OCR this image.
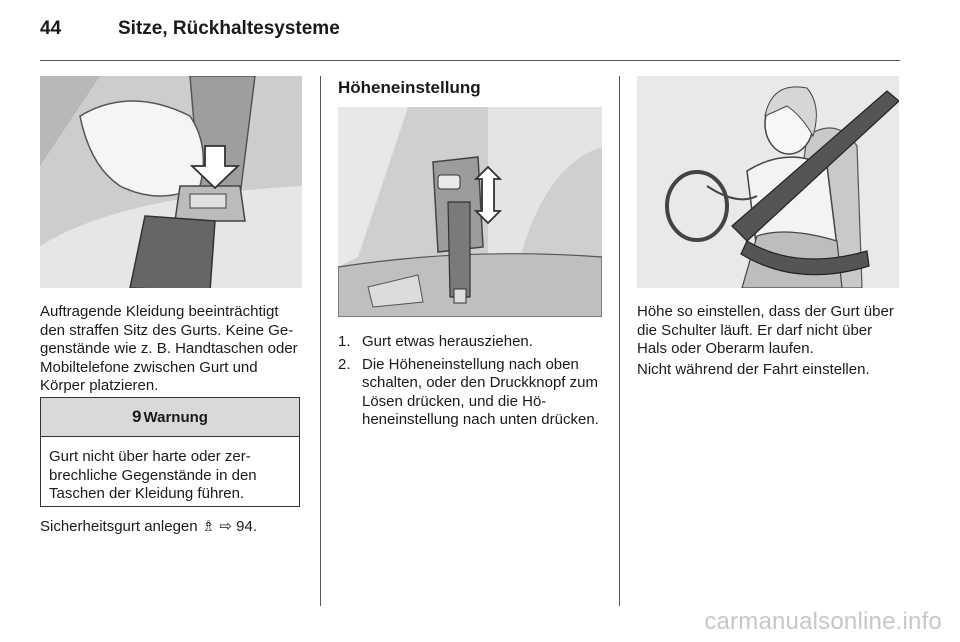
44	Sitze, Rückhaltesysteme

Auftragende Kleidung beeinträchtigt den straffen Sitz des Gurts. Keine Gegenstände wie z. B. Handtaschen oder Mobiltelefone zwischen Gurt und Körper platzieren.

9 Warnung
Gurt nicht über harte oder zerbrechliche Gegenstände in den Taschen der Kleidung führen.
Sicherheitsgurt anlegen ♗ ⇨ 94.
Höheneinstellung
1. Gurt etwas herausziehen.
2. Die Höheneinstellung nach oben schalten, oder den Druckknopf zum Lösen drücken, und die Höheneinstellung nach unten drücken.

Höhe so einstellen, dass der Gurt über die Schulter läuft. Er darf nicht über Hals oder Oberarm laufen.

Nicht während der Fahrt einstellen.

carmanualsonline.info
